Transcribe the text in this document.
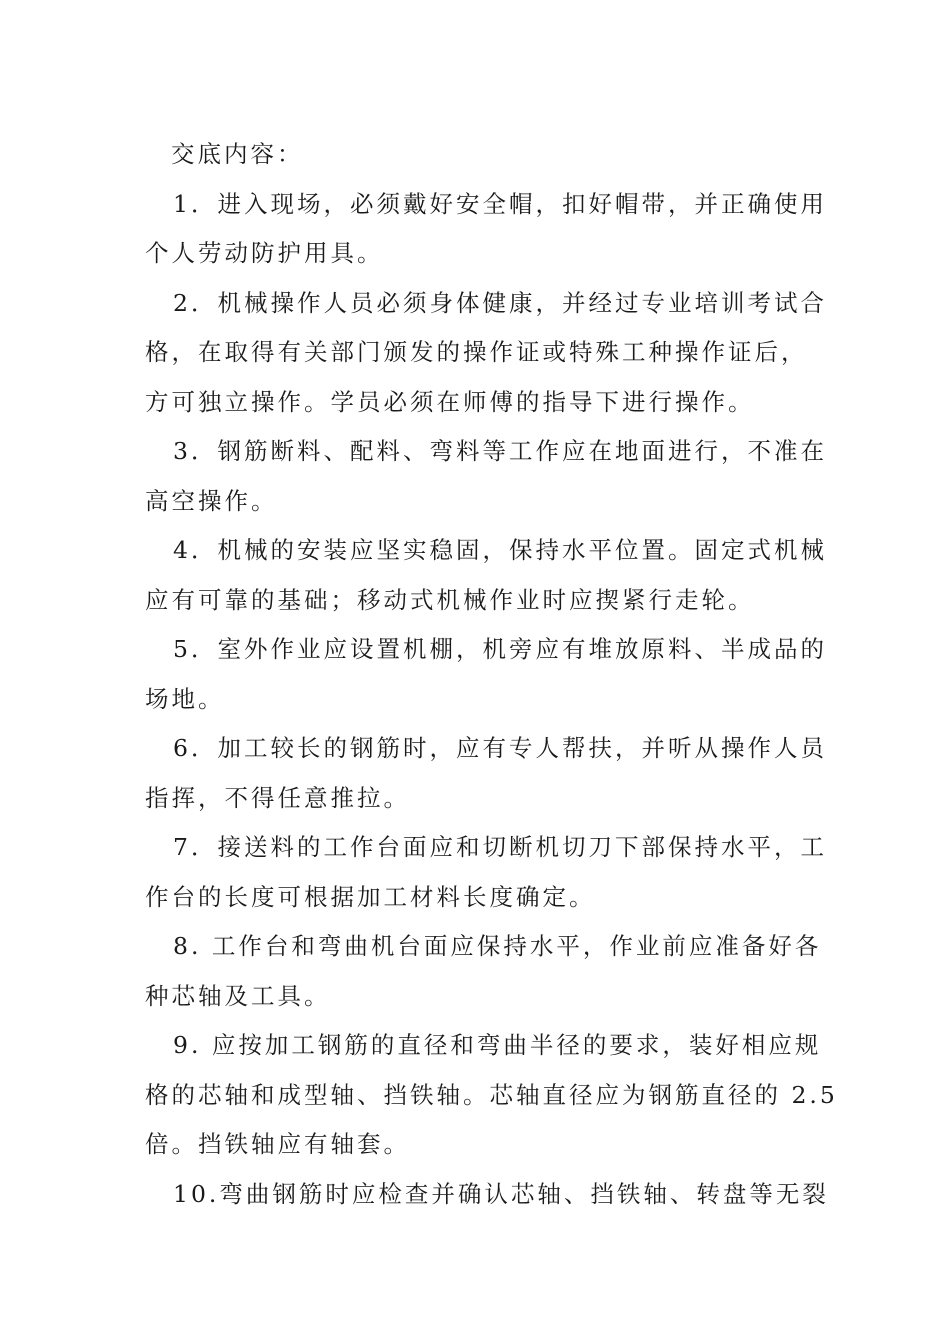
交底内容：
1．进入现场，必须戴好安全帽，扣好帽带，并正确使用
个人劳动防护用具。
2．机械操作人员必须身体健康，并经过专业培训考试合
格，在取得有关部门颁发的操作证或特殊工种操作证后，
方可独立操作。学员必须在师傅的指导下进行操作。
3．钢筋断料、配料、弯料等工作应在地面进行，不准在
高空操作。
4．机械的安装应坚实稳固，保持水平位置。固定式机械
应有可靠的基础；移动式机械作业时应揳紧行走轮。
5．室外作业应设置机棚，机旁应有堆放原料、半成品的
场地。
6．加工较长的钢筋时，应有专人帮扶，并听从操作人员
指挥，不得任意推拉。
7．接送料的工作台面应和切断机切刀下部保持水平，工
作台的长度可根据加工材料长度确定。
8. 工作台和弯曲机台面应保持水平，作业前应准备好各
种芯轴及工具。
9. 应按加工钢筋的直径和弯曲半径的要求，装好相应规
格的芯轴和成型轴、挡铁轴。芯轴直径应为钢筋直径的 2.5
倍。挡铁轴应有轴套。
10.弯曲钢筋时应检查并确认芯轴、挡铁轴、转盘等无裂
